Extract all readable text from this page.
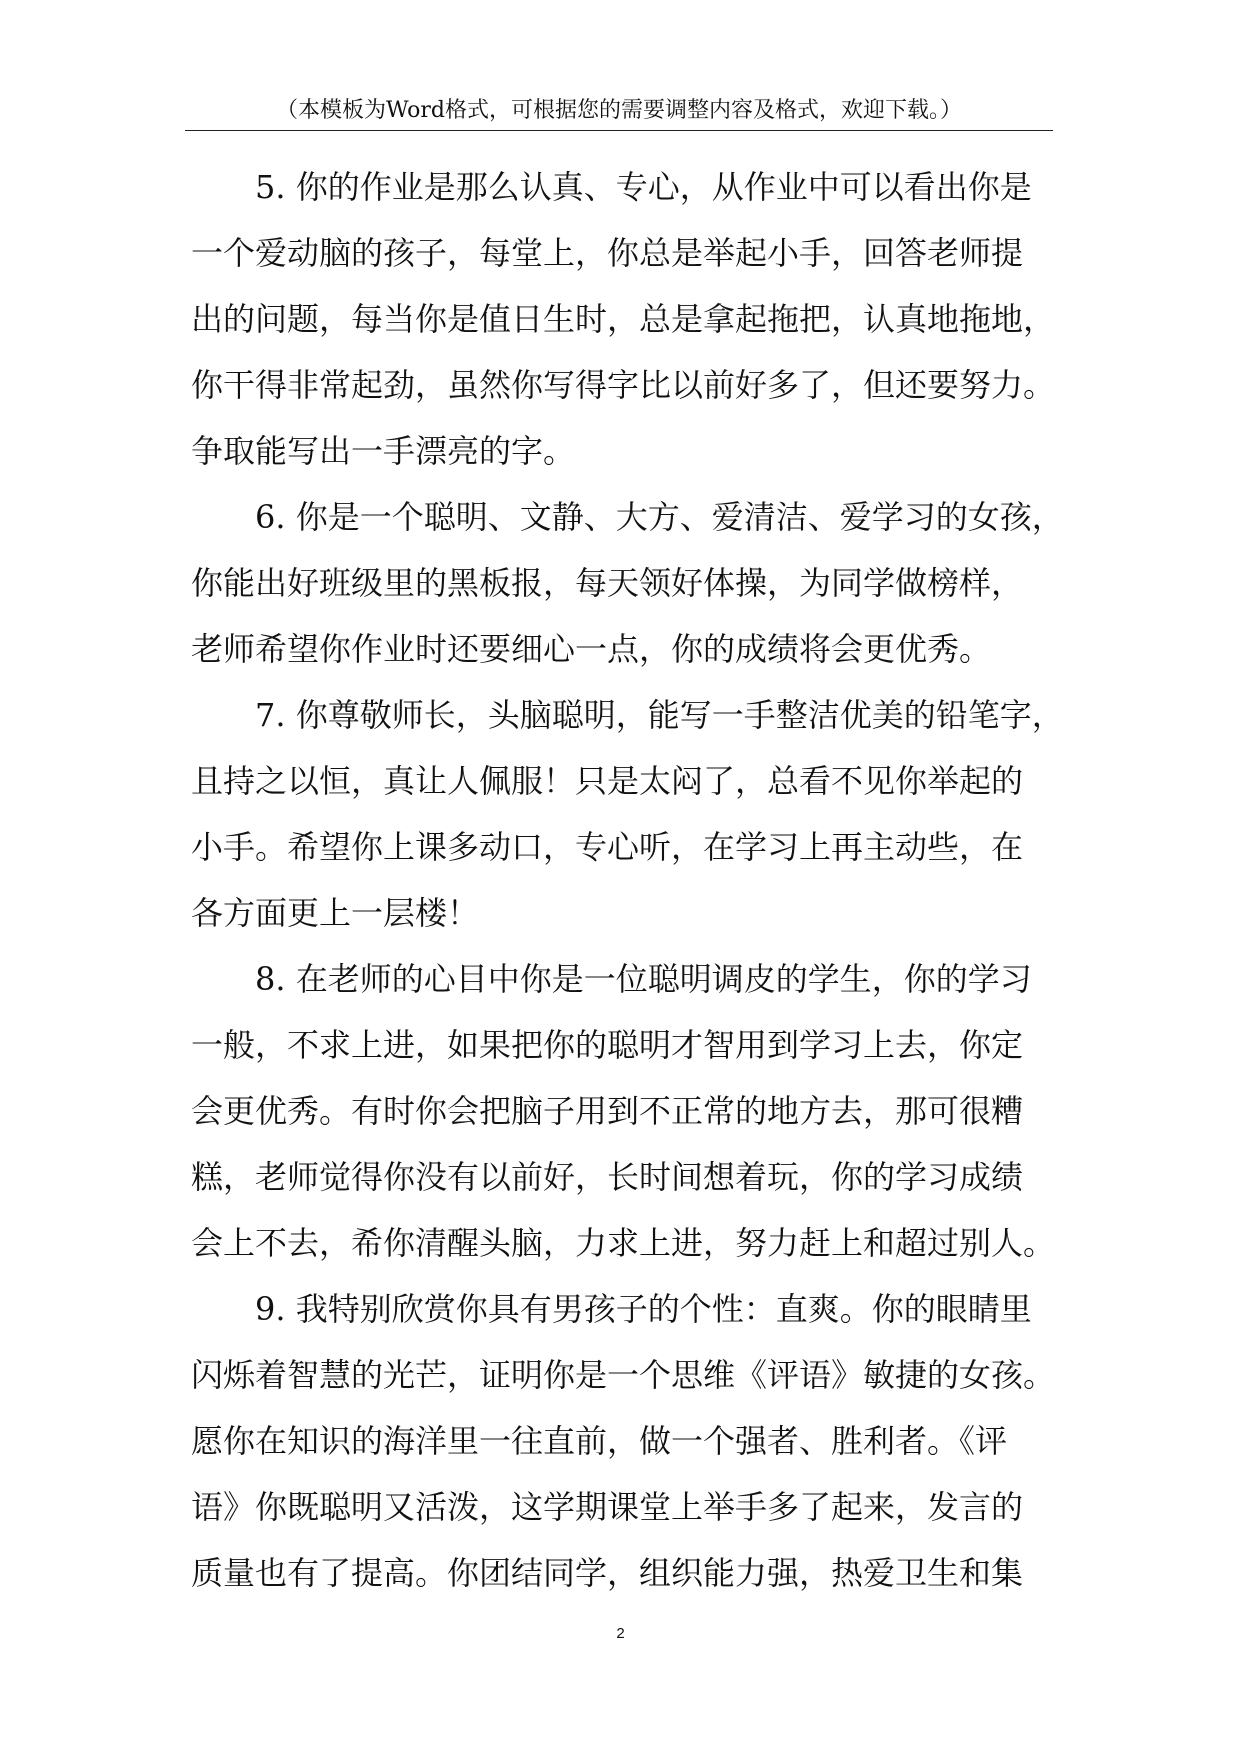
（本模板为Word格式，可根据您的需要调整内容及格式，欢迎下载。）
5. 你的作业是那么认真、专心，从作业中可以看出你是
一个爱动脑的孩子，每堂上，你总是举起小手，回答老师提
出的问题，每当你是值日生时，总是拿起拖把，认真地拖地，
你干得非常起劲，虽然你写得字比以前好多了，但还要努力。
争取能写出一手漂亮的字。
6. 你是一个聪明、文静、大方、爱清洁、爱学习的女孩，
你能出好班级里的黑板报，每天领好体操，为同学做榜样，
老师希望你作业时还要细心一点，你的成绩将会更优秀。
7. 你尊敬师长，头脑聪明，能写一手整洁优美的铅笔字，
且持之以恒，真让人佩服！只是太闷了，总看不见你举起的
小手。希望你上课多动口，专心听，在学习上再主动些，在
各方面更上一层楼！
8. 在老师的心目中你是一位聪明调皮的学生，你的学习
一般，不求上进，如果把你的聪明才智用到学习上去，你定
会更优秀。有时你会把脑子用到不正常的地方去，那可很糟
糕，老师觉得你没有以前好，长时间想着玩，你的学习成绩
会上不去，希你清醒头脑，力求上进，努力赶上和超过别人。
9. 我特别欣赏你具有男孩子的个性：直爽。你的眼睛里
闪烁着智慧的光芒，证明你是一个思维《评语》敏捷的女孩。
愿你在知识的海洋里一往直前，做一个强者、胜利者。《评
语》你既聪明又活泼，这学期课堂上举手多了起来，发言的
质量也有了提高。你团结同学，组织能力强，热爱卫生和集
2
